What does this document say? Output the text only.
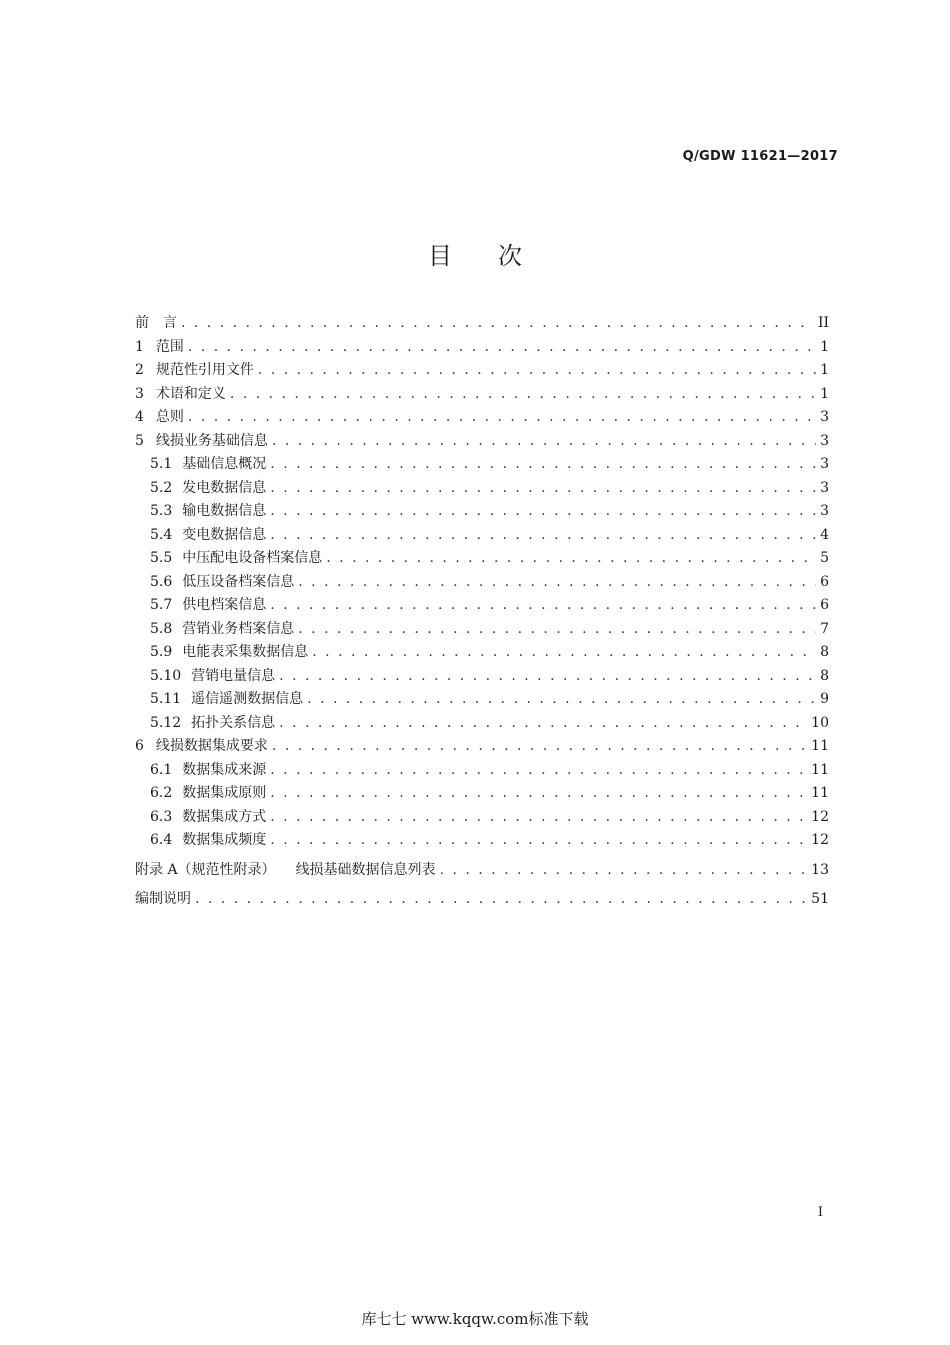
Q/GDW 11621—2017
目 次
前　言 . . .	II
1 范围 . . .	1
2 规范性引用文件 . . .	1
3 术语和定义 . . .	1
4 总则 . . .	3
5 线损业务基础信息 . . .	3
5.1 基础信息概况 . . .	3
5.2 发电数据信息 . . .	3
5.3 输电数据信息 . . .	3
5.4 变电数据信息 . . .	4
5.5 中压配电设备档案信息 . . .	5
5.6 低压设备档案信息 . . .	6
5.7 供电档案信息 . . .	6
5.8 营销业务档案信息 . . .	7
5.9 电能表采集数据信息 . . .	8
5.10 营销电量信息 . . .	8
5.11 遥信遥测数据信息 . . .	9
5.12 拓扑关系信息 . . .	10
6 线损数据集成要求 . . .	11
6.1 数据集成来源 . . .	11
6.2 数据集成原则 . . .	11
6.3 数据集成方式 . . .	12
6.4 数据集成频度 . . .	12
附录 A（规范性附录） 线损基础数据信息列表 . . .	13
编制说明 . . .	51
I
库七七 www.kqqw.com标准下载
